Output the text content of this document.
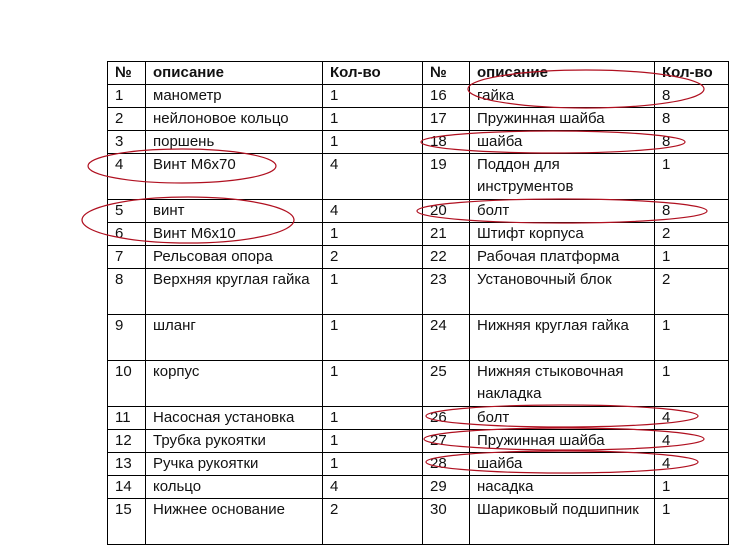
№	описание	Кол-во	№	описание	Кол-во
1	манометр	1	16	гайка	8
2	нейлоновое кольцо	1	17	Пружинная шайба	8
3	поршень	1	18	шайба	8
4	Винт М6х70	4	19	Поддон для инструментов	1
5	винт	4	20	болт	8
6	Винт М6х10	1	21	Штифт корпуса	2
7	Рельсовая опора	2	22	Рабочая платформа	1
8	Верхняя круглая гайка	1	23	Установочный блок	2
9	шланг	1	24	Нижняя круглая гайка	1
10	корпус	1	25	Нижняя стыковочная накладка	1
11	Насосная установка	1	26	болт	4
12	Трубка рукоятки	1	27	Пружинная шайба	4
13	Ручка рукоятки	1	28	шайба	4
14	кольцо	4	29	насадка	1
15	Нижнее основание	2	30	Шариковый подшипник	1
